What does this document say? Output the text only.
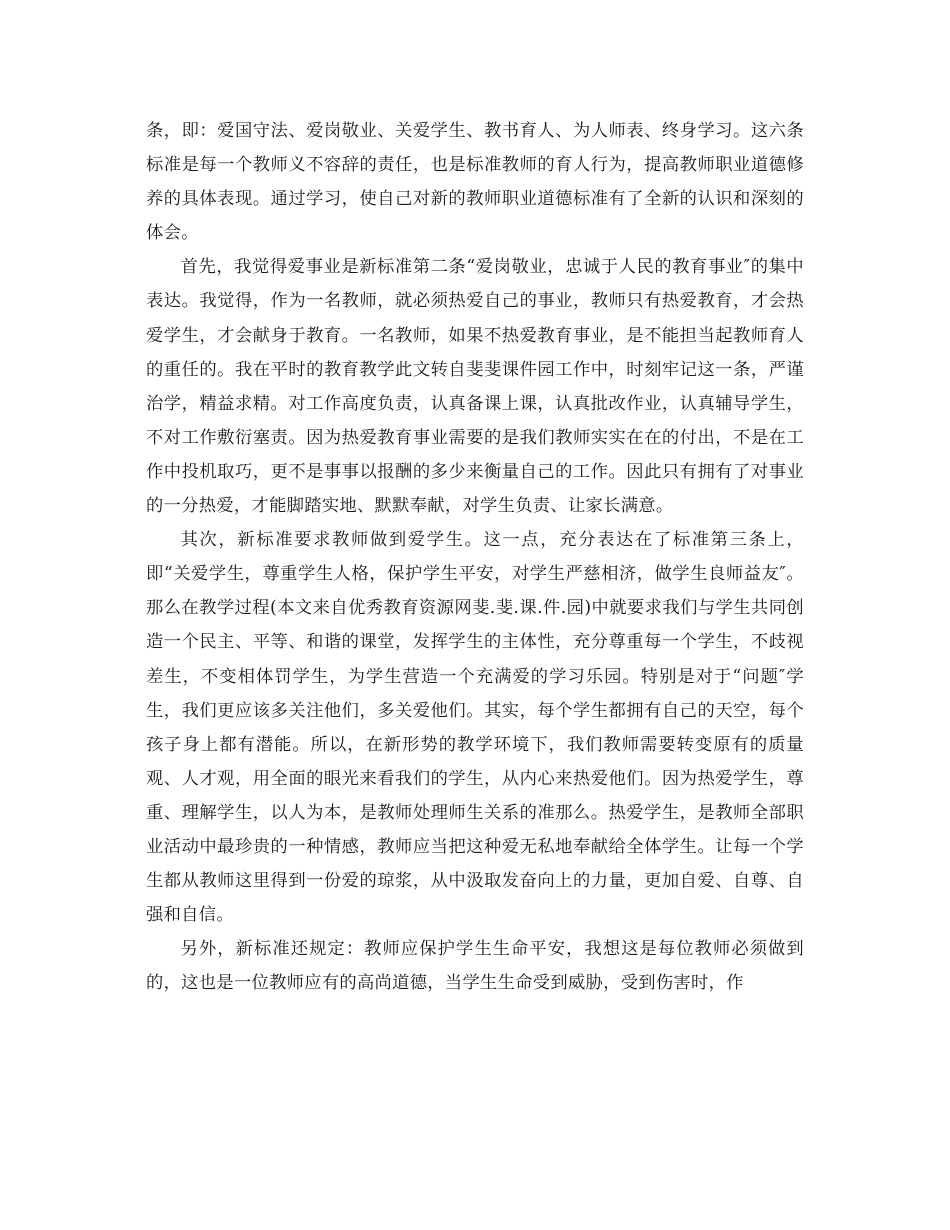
条，即：爱国守法、爱岗敬业、关爱学生、教书育人、为人师表、终身学习。这六条标准是每一个教师义不容辞的责任，也是标准教师的育人行为，提高教师职业道德修养的具体表现。通过学习，使自己对新的教师职业道德标准有了全新的认识和深刻的体会。

首先，我觉得爱事业是新标准第二条“爱岗敬业，忠诚于人民的教育事业″的集中表达。我觉得，作为一名教师，就必须热爱自己的事业，教师只有热爱教育，才会热爱学生，才会献身于教育。一名教师，如果不热爱教育事业，是不能担当起教师育人的重任的。我在平时的教育教学此文转自斐斐课件园工作中，时刻牢记这一条，严谨治学，精益求精。对工作高度负责，认真备课上课，认真批改作业，认真辅导学生，不对工作敷衍塞责。因为热爱教育事业需要的是我们教师实实在在的付出，不是在工作中投机取巧，更不是事事以报酬的多少来衡量自己的工作。因此只有拥有了对事业的一分热爱，才能脚踏实地、默默奉献，对学生负责、让家长满意。

其次，新标准要求教师做到爱学生。这一点，充分表达在了标准第三条上，即“关爱学生，尊重学生人格，保护学生平安，对学生严慈相济，做学生良师益友″。那么在教学过程(本文来自优秀教育资源网斐.斐.课.件.园)中就要求我们与学生共同创造一个民主、平等、和谐的课堂，发挥学生的主体性，充分尊重每一个学生，不歧视差生，不变相体罚学生，为学生营造一个充满爱的学习乐园。特别是对于“问题″学生，我们更应该多关注他们，多关爱他们。其实，每个学生都拥有自己的天空，每个孩子身上都有潜能。所以，在新形势的教学环境下，我们教师需要转变原有的质量观、人才观，用全面的眼光来看我们的学生，从内心来热爱他们。因为热爱学生，尊重、理解学生，以人为本，是教师处理师生关系的准那么。热爱学生，是教师全部职业活动中最珍贵的一种情感，教师应当把这种爱无私地奉献给全体学生。让每一个学生都从教师这里得到一份爱的琼浆，从中汲取发奋向上的力量，更加自爱、自尊、自强和自信。

另外，新标准还规定：教师应保护学生生命平安，我想这是每位教师必须做到的，这也是一位教师应有的高尚道德，当学生生命受到威胁，受到伤害时，作
